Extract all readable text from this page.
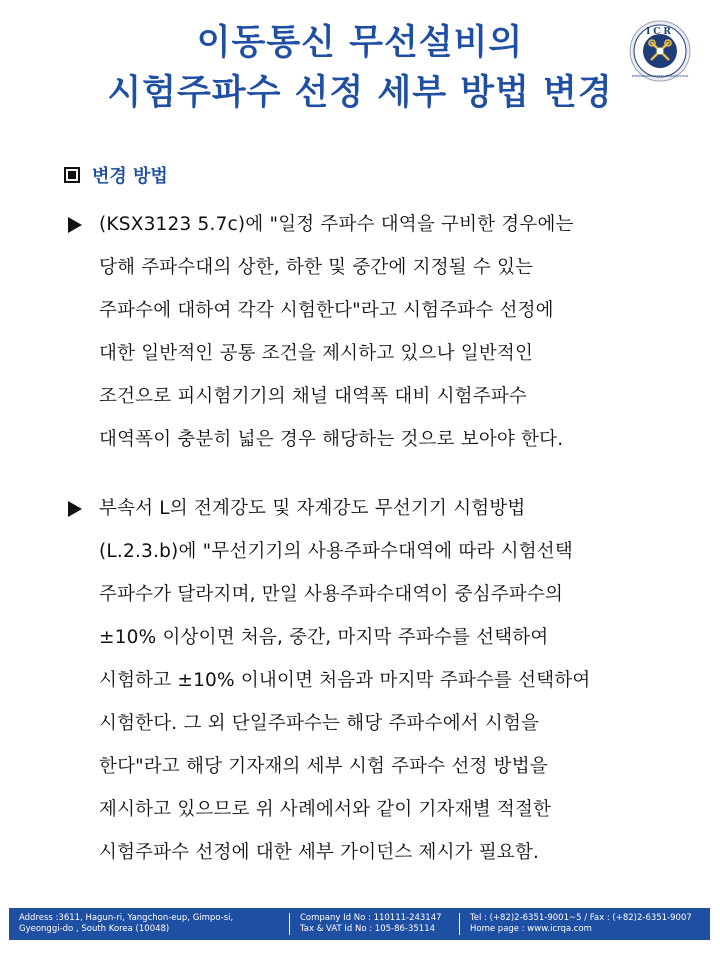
이동통신 무선설비의
시험주파수 선정 세부 방법 변경
ICR
INTERNATIONAL CERTIFICATION REGISTRAR
변경 방법
(KSX3123 5.7c)에 "일정 주파수 대역을 구비한 경우에는
당해 주파수대의 상한, 하한 및 중간에 지정될 수 있는
주파수에 대하여 각각 시험한다"라고 시험주파수 선정에
대한 일반적인 공통 조건을 제시하고 있으나 일반적인
조건으로 피시험기기의 채널 대역폭 대비 시험주파수
대역폭이 충분히 넓은 경우 해당하는 것으로 보아야 한다.
부속서 L의 전계강도 및 자계강도 무선기기 시험방법
(L.2.3.b)에 "무선기기의 사용주파수대역에 따라 시험선택
주파수가 달라지며, 만일 사용주파수대역이 중심주파수의
±10% 이상이면 처음, 중간, 마지막 주파수를 선택하여
시험하고 ±10% 이내이면 처음과 마지막 주파수를 선택하여
시험한다. 그 외 단일주파수는 해당 주파수에서 시험을
한다"라고 해당 기자재의 세부 시험 주파수 선정 방법을
제시하고 있으므로 위 사례에서와 같이 기자재별 적절한
시험주파수 선정에 대한 세부 가이던스 제시가 필요함.
Address :3611, Hagun-ri, Yangchon-eup, Gimpo-si,
Gyeonggi-do , South Korea (10048)
Company Id No : 110111-243147
Tax & VAT Id No : 105-86-35114
Tel : (+82)2-6351-9001~5 / Fax : (+82)2-6351-9007
Home page : www.icrqa.com
